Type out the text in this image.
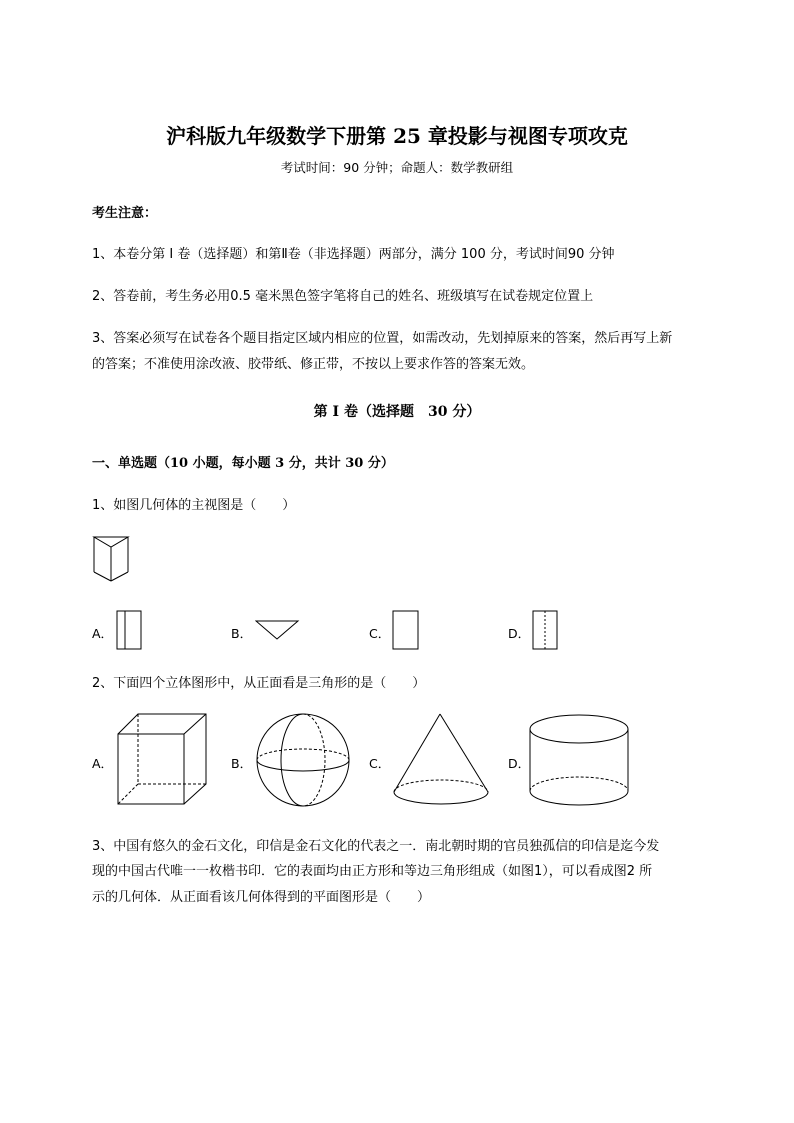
沪科版九年级数学下册第 25 章投影与视图专项攻克
考试时间：90 分钟；命题人：数学教研组
考生注意：
1、本卷分第 I 卷（选择题）和第Ⅱ卷（非选择题）两部分，满分 100 分，考试时间90 分钟
2、答卷前，考生务必用0.5 毫米黑色签字笔将自己的姓名、班级填写在试卷规定位置上
3、答案必须写在试卷各个题目指定区域内相应的位置，如需改动，先划掉原来的答案，然后再写上新
的答案；不准使用涂改液、胶带纸、修正带，不按以上要求作答的答案无效。
第 I 卷（选择题　30 分）
一、单选题（10 小题，每小题 3 分，共计 30 分）
1、如图几何体的主视图是（　　）
A．	B．	C．	D．
2、下面四个立体图形中，从正面看是三角形的是（　　）
A．	B．	C．	D．
3、中国有悠久的金石文化，印信是金石文化的代表之一．南北朝时期的官员独孤信的印信是迄今发
现的中国古代唯一一枚楷书印．它的表面均由正方形和等边三角形组成（如图1），可以看成图2 所
示的几何体．从正面看该几何体得到的平面图形是（　　）
